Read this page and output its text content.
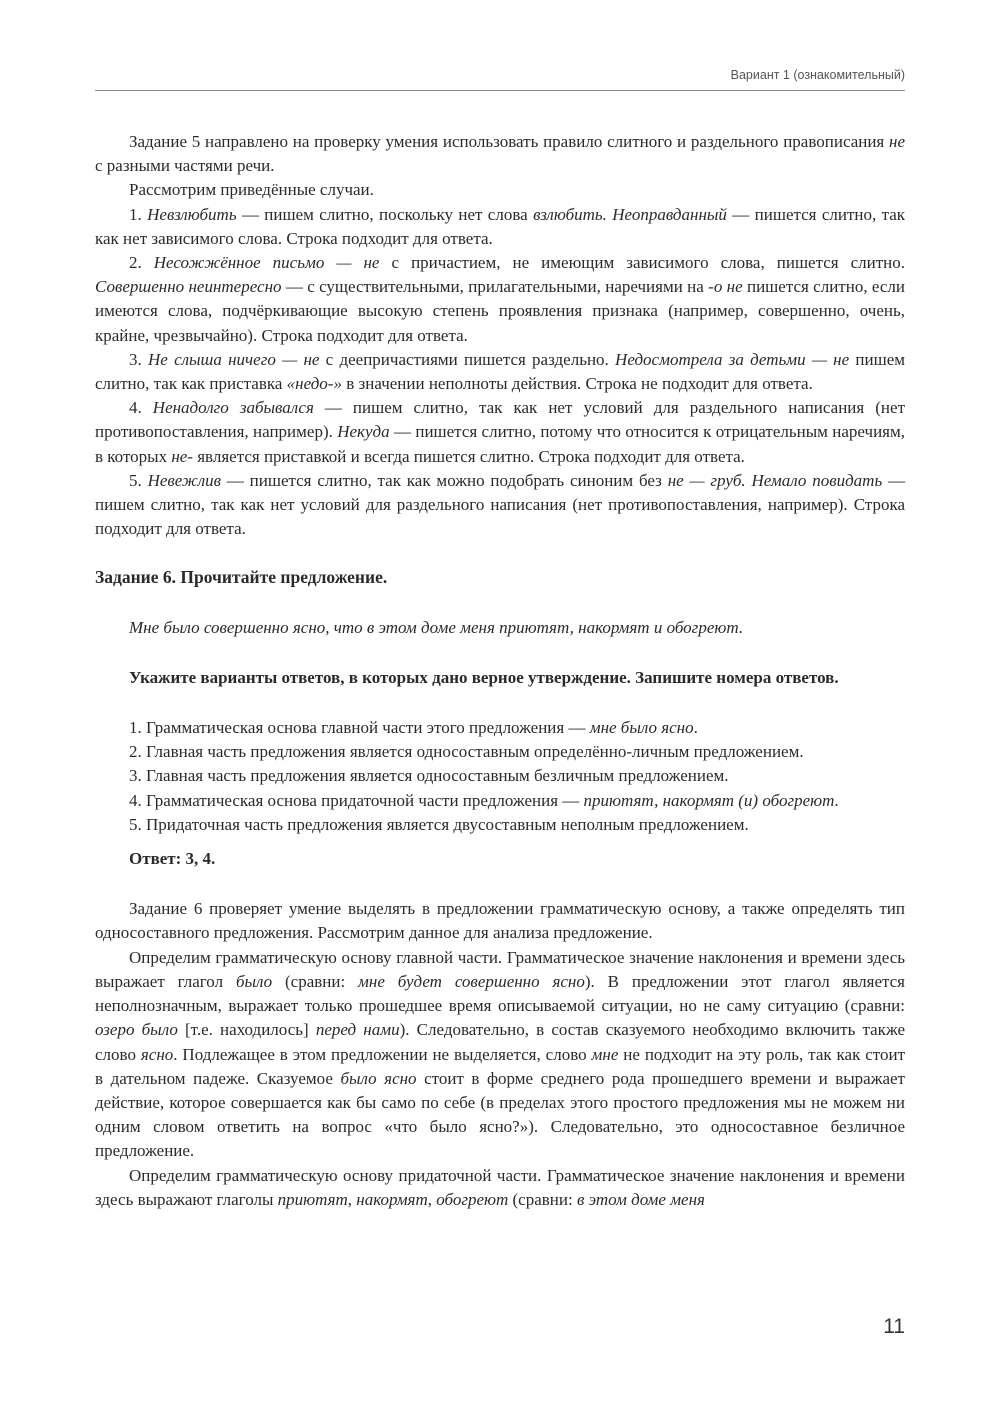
Вариант 1 (ознакомительный)

Задание 5 направлено на проверку умения использовать правило слитного и раздельного правописания не с разными частями речи.

Рассмотрим приведённые случаи.

1. Невзлюбить — пишем слитно, поскольку нет слова взлюбить. Неоправданный — пишется слитно, так как нет зависимого слова. Строка подходит для ответа.

2. Несожжённое письмо — не с причастием, не имеющим зависимого слова, пишется слитно. Совершенно неинтересно — с существительными, прилагательными, наречиями на -о не пишется слитно, если имеются слова, подчёркивающие высокую степень проявления признака (например, совершенно, очень, крайне, чрезвычайно). Строка подходит для ответа.

3. Не слыша ничего — не с деепричастиями пишется раздельно. Недосмотрела за детьми — не пишем слитно, так как приставка «недо-» в значении неполноты действия. Строка не подходит для ответа.

4. Ненадолго забывался — пишем слитно, так как нет условий для раздельного написания (нет противопоставления, например). Некуда — пишется слитно, потому что относится к отрицательным наречиям, в которых не- является приставкой и всегда пишется слитно. Строка подходит для ответа.

5. Невежлив — пишется слитно, так как можно подобрать синоним без не — груб. Немало повидать — пишем слитно, так как нет условий для раздельного написания (нет противопоставления, например). Строка подходит для ответа.

Задание 6. Прочитайте предложение.

Мне было совершенно ясно, что в этом доме меня приютят, накормят и обогреют.

Укажите варианты ответов, в которых дано верное утверждение. Запишите номера ответов.

1. Грамматическая основа главной части этого предложения — мне было ясно.

2. Главная часть предложения является односоставным определённо-личным предложением.

3. Главная часть предложения является односоставным безличным предложением.

4. Грамматическая основа придаточной части предложения — приютят, накормят (и) обогреют.

5. Придаточная часть предложения является двусоставным неполным предложением.

Ответ: 3, 4.

Задание 6 проверяет умение выделять в предложении грамматическую основу, а также определять тип односоставного предложения. Рассмотрим данное для анализа предложение.

Определим грамматическую основу главной части. Грамматическое значение наклонения и времени здесь выражает глагол было (сравни: мне будет совершенно ясно). В предложении этот глагол является неполнозначным, выражает только прошедшее время описываемой ситуации, но не саму ситуацию (сравни: озеро было [т.е. находилось] перед нами). Следовательно, в состав сказуемого необходимо включить также слово ясно. Подлежащее в этом предложении не выделяется, слово мне не подходит на эту роль, так как стоит в дательном падеже. Сказуемое было ясно стоит в форме среднего рода прошедшего времени и выражает действие, которое совершается как бы само по себе (в пределах этого простого предложения мы не можем ни одним словом ответить на вопрос «что было ясно?»). Следовательно, это односоставное безличное предложение.

Определим грамматическую основу придаточной части. Грамматическое значение наклонения и времени здесь выражают глаголы приютят, накормят, обогреют (сравни: в этом доме меня

11
